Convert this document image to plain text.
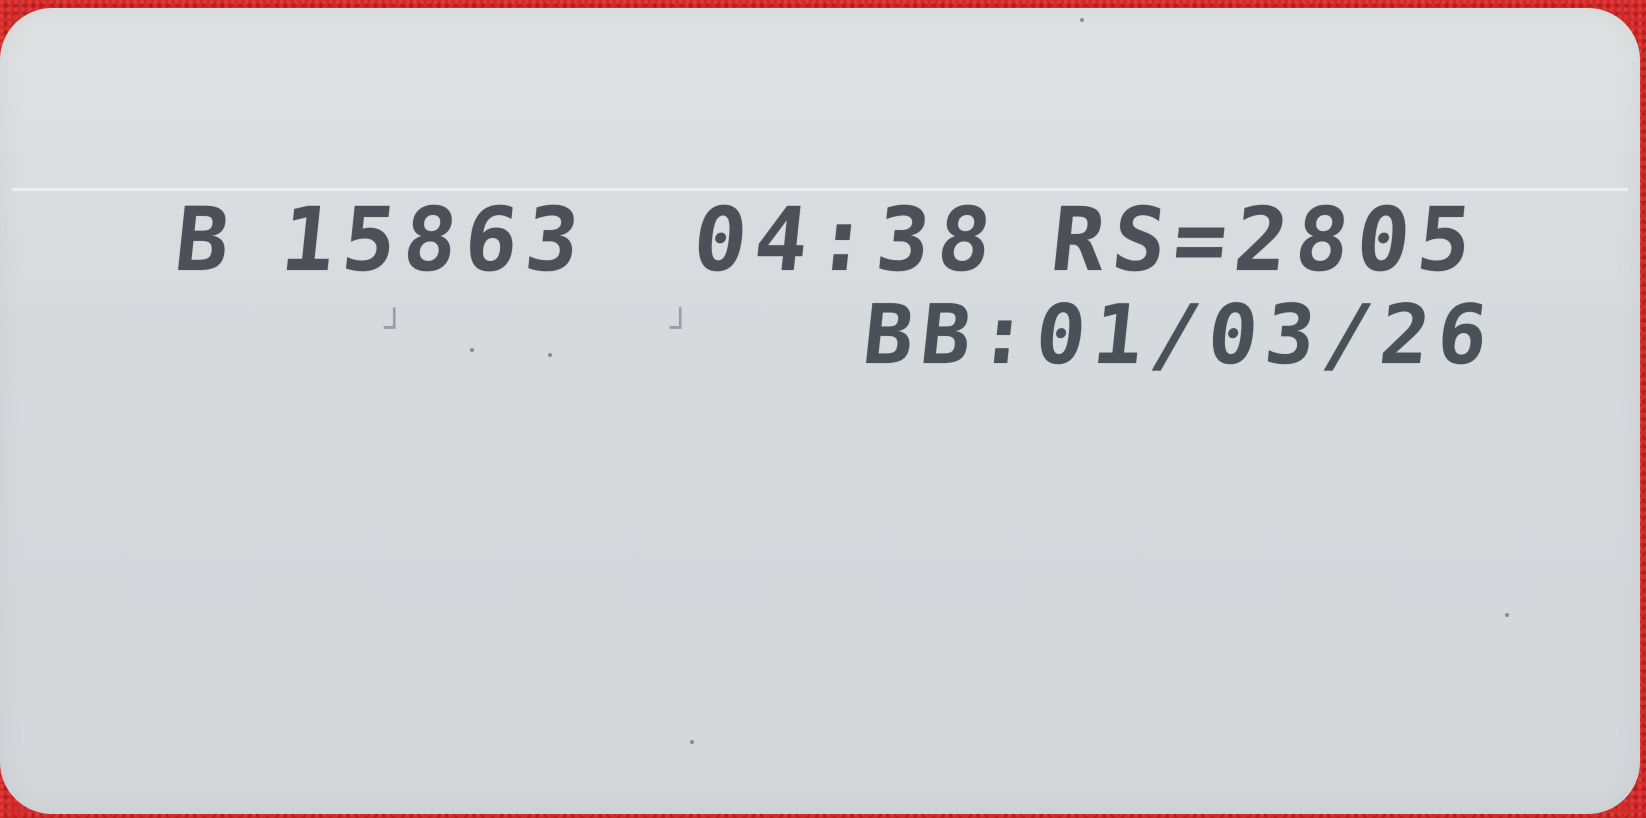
B 15863 04:38 RS=2805
BB:01/03/26
┘	┘
